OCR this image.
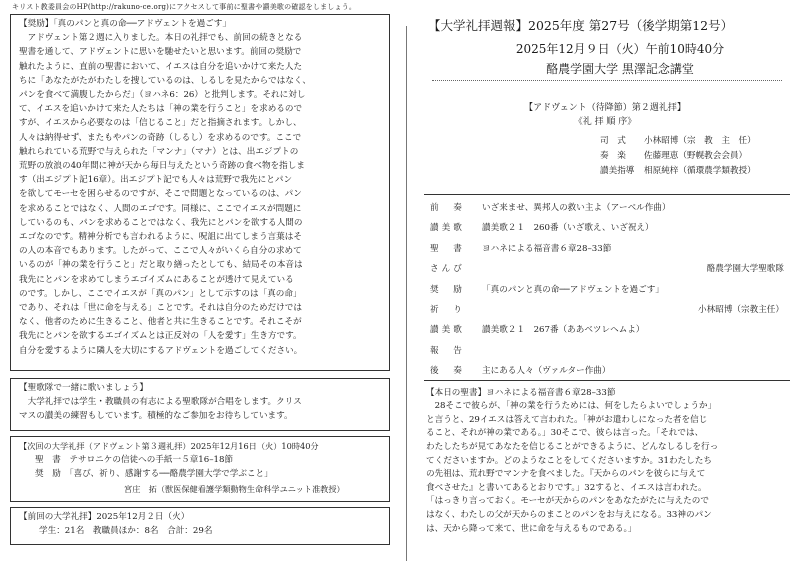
キリスト教委員会のHP(http://rakuno-ce.org)にアクセスして事前に聖書や讃美歌の確認をしましょう。
【奨励】「真のパンと真の命──アドヴェントを過ごす」
アドヴェント第２週に入りました。本日の礼拝でも、前回の続きとなる
聖書を通して、アドヴェントに思いを馳せたいと思います。前回の奨励で
触れたように、直前の聖書において、イエスは自分を追いかけて来た人た
ちに「あなたがたがわたしを捜しているのは、しるしを見たからではなく、
パンを食べて満腹したからだ」（ヨハネ6：26）と批判します。それに対し
て、イエスを追いかけて来た人たちは「神の業を行うこと」を求めるので
すが、イエスから必要なのは「信じること」だと指摘されます。しかし、
人々は納得せず、またもやパンの奇跡（しるし）を求めるのです。ここで
触れられている荒野で与えられた「マンナ」（マナ）とは、出エジプトの
荒野の放浪の40年間に神が天から毎日与えたという奇跡の食べ物を指しま
す（出エジプト記16章）。出エジプト記でも人々は荒野で我先にとパン
を欲してモーセを困らせるのですが、そこで問題となっているのは、パン
を求めることではなく、人間のエゴです。同様に、ここでイエスが問題に
しているのも、パンを求めることではなく、我先にとパンを欲する人間の
エゴなのです。精神分析でも言われるように、呪詛に出てしまう言葉はそ
の人の本音でもあります。したがって、ここで人々がいくら自分の求めて
いるのが「神の業を行うこと」だと取り繕ったとしても、結局その本音は
我先にとパンを求めてしまうエゴイズムにあることが透けて見えている
のです。しかし、ここでイエスが「真のパン」として示すのは「真の命」
であり、それは「世に命を与える」ことです。それは自分のためだけでは
なく、他者のために生きること、他者と共に生きることです。それこそが
我先にとパンを欲するエゴイズムとは正反対の「人を愛す」生き方です。
自分を愛するように隣人を大切にするアドヴェントを過ごしてください。
【聖歌隊で一緒に歌いましょう】
大学礼拝では学生・教職員の有志による聖歌隊が合唱をします。クリス
マスの讃美の練習もしています。積極的なご参加をお待ちしています。
【次回の大学礼拝（アドヴェント第３週礼拝）2025年12月16日（火）10時40分
聖　書　テサロニケの信徒への手紙一５章16–18節
奨　励　「喜び、祈り、感謝する──酪農学園大学で学ぶこと」
宮庄　拓（獣医保健看護学類動物生命科学ユニット准教授）
【前回の大学礼拝】2025年12月２日（火）
学生：21名　教職員ほか：8名　合計：29名
【大学礼拝週報】2025年度 第27号（後学期第12号）
2025年12月９日（火）午前10時40分
酪農学園大学 黒澤記念講堂
【アドヴェント（待降節）第２週礼拝】
《礼 拝 順 序》
司　式 小林昭博（宗　教　主　任）
奏　楽 佐藤理恵（野幌教会会員）
讃美指導 相原純梓（循環農学類教授）
前　奏 いざ来ませ、異邦人の救い主よ（アーベル作曲）
讃美歌 讃美歌２１　260番（いざ歌え、いざ祝え）
聖　書 ヨハネによる福音書６章28–33節
さんび	酪農学園大学聖歌隊
奨　励 「真のパンと真の命──アドヴェントを過ごす」
祈　り	小林昭博（宗教主任）
讃美歌 讃美歌２１　267番（ああベツレヘムよ）
報　告
後　奏 主にある人々（ヴァルター作曲）
【本日の聖書】ヨハネによる福音書６章28–33節
28そこで彼らが、「神の業を行うためには、何をしたらよいでしょうか」
と言うと、29イエスは答えて言われた。「神がお遣わしになった者を信じ
ること、それが神の業である。」30そこで、彼らは言った。「それでは、
わたしたちが見てあなたを信じることができるように、どんなしるしを行っ
てくださいますか。どのようなことをしてくださいますか。31わたしたち
の先祖は、荒れ野でマンナを食べました。『天からのパンを彼らに与えて
食べさせた』と書いてあるとおりです。」32すると、イエスは言われた。
「はっきり言っておく。モーセが天からのパンをあなたがたに与えたので
はなく、わたしの父が天からのまことのパンをお与えになる。33神のパン
は、天から降って来て、世に命を与えるものである。」
